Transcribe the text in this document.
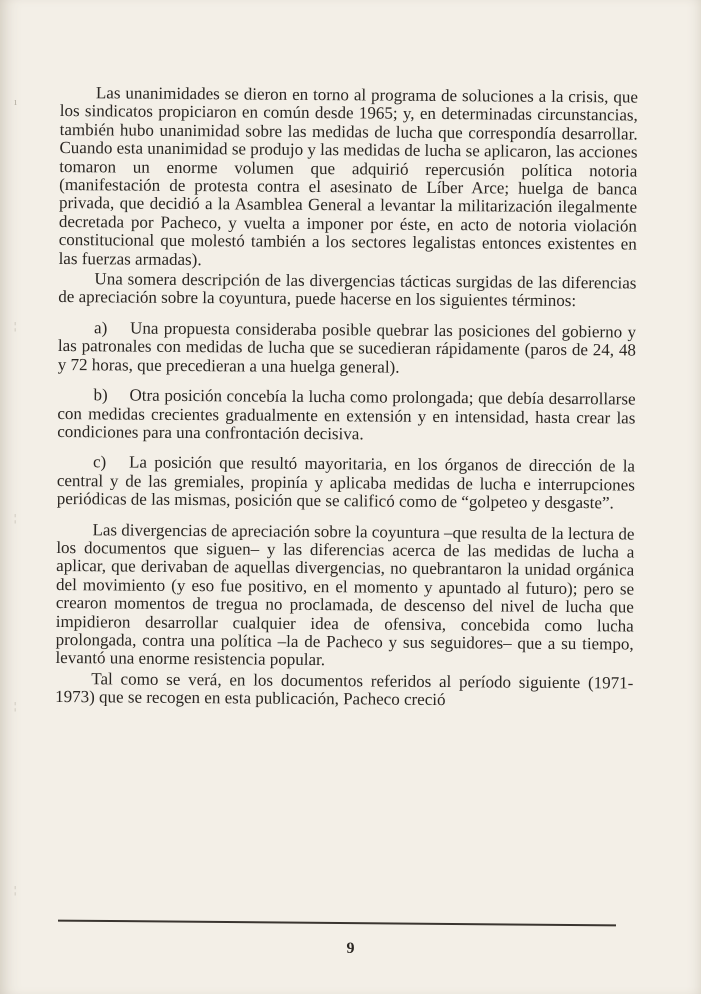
ı
¦
¦
¦
¦

Las unanimidades se dieron en torno al programa de soluciones a la crisis, que los sindicatos propiciaron en común desde 1965; y, en determinadas circunstancias, también hubo unanimidad sobre las medidas de lucha que correspondía desarrollar. Cuando esta unanimidad se produjo y las medidas de lucha se aplicaron, las acciones tomaron un enorme volumen que adquirió repercusión política notoria (manifestación de protesta contra el asesinato de Líber Arce; huelga de banca privada, que decidió a la Asamblea General a levantar la militarización ilegalmente decretada por Pacheco, y vuelta a imponer por éste, en acto de notoria violación constitucional que molestó también a los sectores legalistas entonces existentes en las fuerzas armadas).

Una somera descripción de las divergencias tácticas surgidas de las diferencias de apreciación sobre la coyuntura, puede hacerse en los siguientes términos:

a) Una propuesta consideraba posible quebrar las posiciones del gobierno y las patronales con medidas de lucha que se sucedieran rápidamente (paros de 24, 48 y 72 horas, que precedieran a una huelga general).

b) Otra posición concebía la lucha como prolongada; que debía desarrollarse con medidas crecientes gradualmente en extensión y en intensidad, hasta crear las condiciones para una confrontación decisiva.

c) La posición que resultó mayoritaria, en los órganos de dirección de la central y de las gremiales, propinía y aplicaba medidas de lucha e interrupciones periódicas de las mismas, posición que se calificó como de “golpeteo y desgaste”.

Las divergencias de apreciación sobre la coyuntura –que resulta de la lectura de los documentos que siguen– y las diferencias acerca de las medidas de lucha a aplicar, que derivaban de aquellas divergencias, no quebrantaron la unidad orgánica del movimiento (y eso fue positivo, en el momento y apuntado al futuro); pero se crearon momentos de tregua no proclamada, de descenso del nivel de lucha que impidieron desarrollar cualquier idea de ofensiva, concebida como lucha prolongada, contra una política –la de Pacheco y sus seguidores– que a su tiempo, levantó una enorme resistencia popular.

Tal como se verá, en los documentos referidos al período siguiente (1971-1973) que se recogen en esta publicación, Pacheco creció

9
